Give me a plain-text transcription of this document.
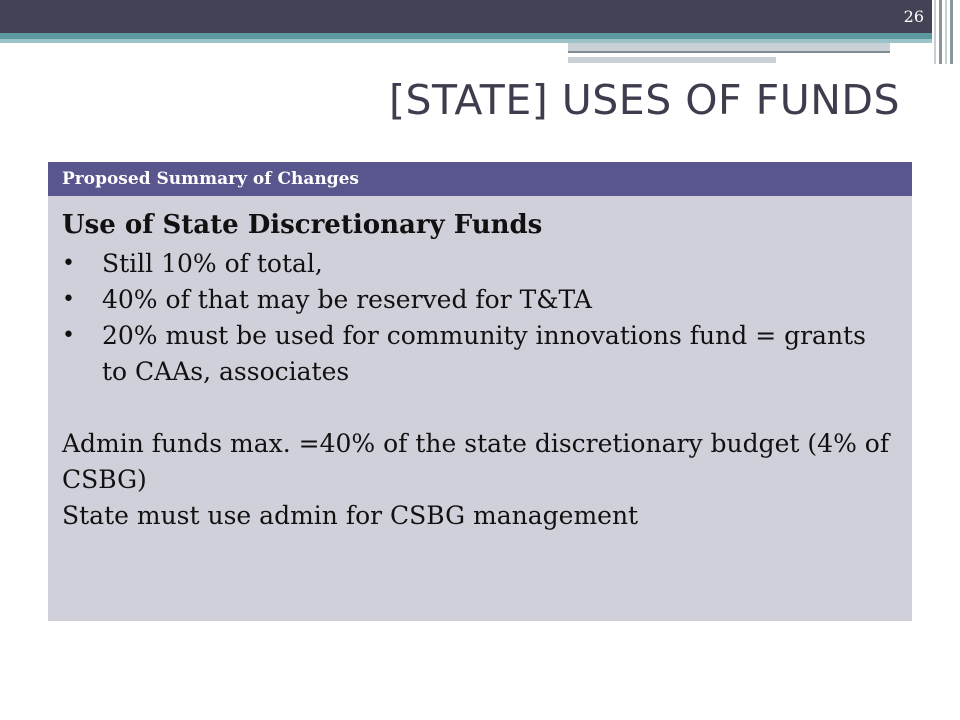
26
[STATE] USES OF FUNDS
Proposed Summary of Changes
Use of State Discretionary Funds
• Still 10% of total,
• 40% of that may be reserved for T&TA
• 20% must be used for community innovations fund = grants to CAAs, associates

Admin funds max. =40% of the state discretionary budget (4% of CSBG)

State must use admin for CSBG management
